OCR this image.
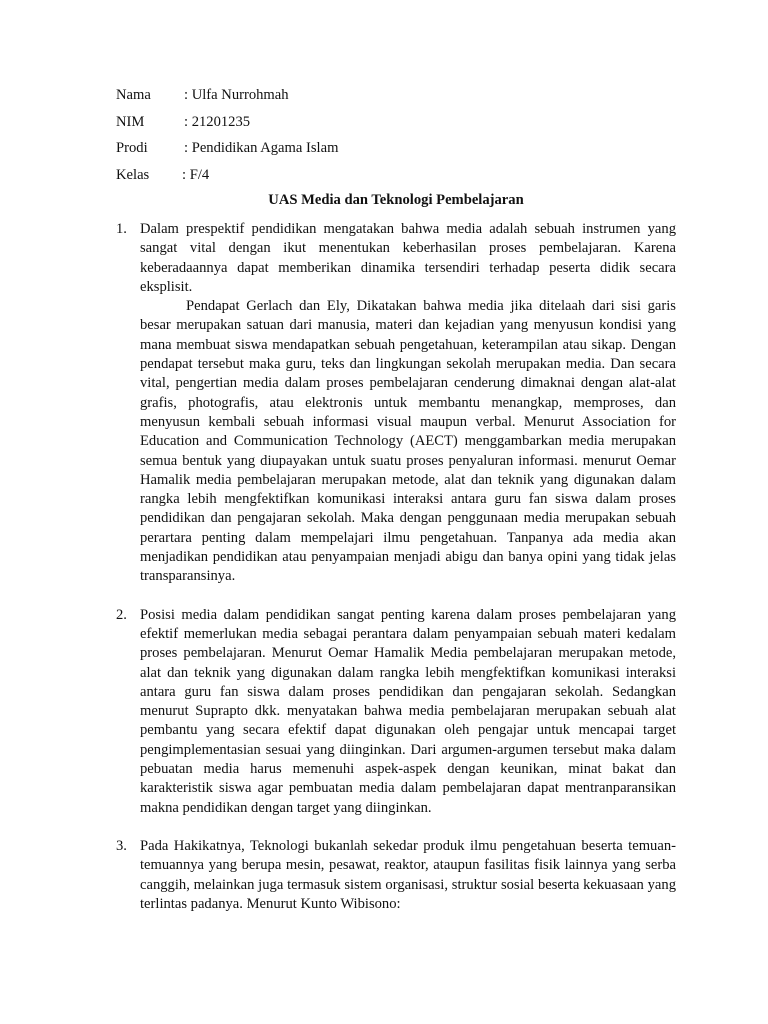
Nama	: Ulfa Nurrohmah
NIM	: 21201235
Prodi	: Pendidikan Agama Islam
Kelas	: F/4
UAS Media dan Teknologi Pembelajaran
1. Dalam prespektif pendidikan mengatakan bahwa media adalah sebuah instrumen yang sangat vital dengan ikut menentukan keberhasilan proses pembelajaran. Karena keberadaannya dapat memberikan dinamika tersendiri terhadap peserta didik secara eksplisit.

Pendapat Gerlach dan Ely, Dikatakan bahwa media jika ditelaah dari sisi garis besar merupakan satuan dari manusia, materi dan kejadian yang menyusun kondisi yang mana membuat siswa mendapatkan sebuah pengetahuan, keterampilan atau sikap. Dengan pendapat tersebut maka guru, teks dan lingkungan sekolah merupakan media. Dan secara vital, pengertian media dalam proses pembelajaran cenderung dimaknai dengan alat-alat grafis, photografis, atau elektronis untuk membantu menangkap, memproses, dan menyusun kembali sebuah informasi visual maupun verbal. Menurut Association for Education and Communication Technology (AECT) menggambarkan media merupakan semua bentuk yang diupayakan untuk suatu proses penyaluran informasi. menurut Oemar Hamalik media pembelajaran merupakan metode, alat dan teknik yang digunakan dalam rangka lebih mengfektifkan komunikasi interaksi antara guru fan siswa dalam proses pendidikan dan pengajaran sekolah. Maka dengan penggunaan media merupakan sebuah perartara penting dalam mempelajari ilmu pengetahuan. Tanpanya ada media akan menjadikan pendidikan atau penyampaian menjadi abigu dan banya opini yang tidak jelas transparansinya.

2. Posisi media dalam pendidikan sangat penting karena dalam proses pembelajaran yang efektif memerlukan media sebagai perantara dalam penyampaian sebuah materi kedalam proses pembelajaran. Menurut Oemar Hamalik Media pembelajaran merupakan metode, alat dan teknik yang digunakan dalam rangka lebih mengfektifkan komunikasi interaksi antara guru fan siswa dalam proses pendidikan dan pengajaran sekolah. Sedangkan menurut Suprapto dkk. menyatakan bahwa media pembelajaran merupakan sebuah alat pembantu yang secara efektif dapat digunakan oleh pengajar untuk mencapai target pengimplementasian sesuai yang diinginkan. Dari argumen-argumen tersebut maka dalam pebuatan media harus memenuhi aspek-aspek dengan keunikan, minat bakat dan karakteristik siswa agar pembuatan media dalam pembelajaran dapat mentranparansikan makna pendidikan dengan target yang diinginkan.

3. Pada Hakikatnya, Teknologi bukanlah sekedar produk ilmu pengetahuan beserta temuan-temuannya yang berupa mesin, pesawat, reaktor, ataupun fasilitas fisik lainnya yang serba canggih, melainkan juga termasuk sistem organisasi, struktur sosial beserta kekuasaan yang terlintas padanya. Menurut Kunto Wibisono:
